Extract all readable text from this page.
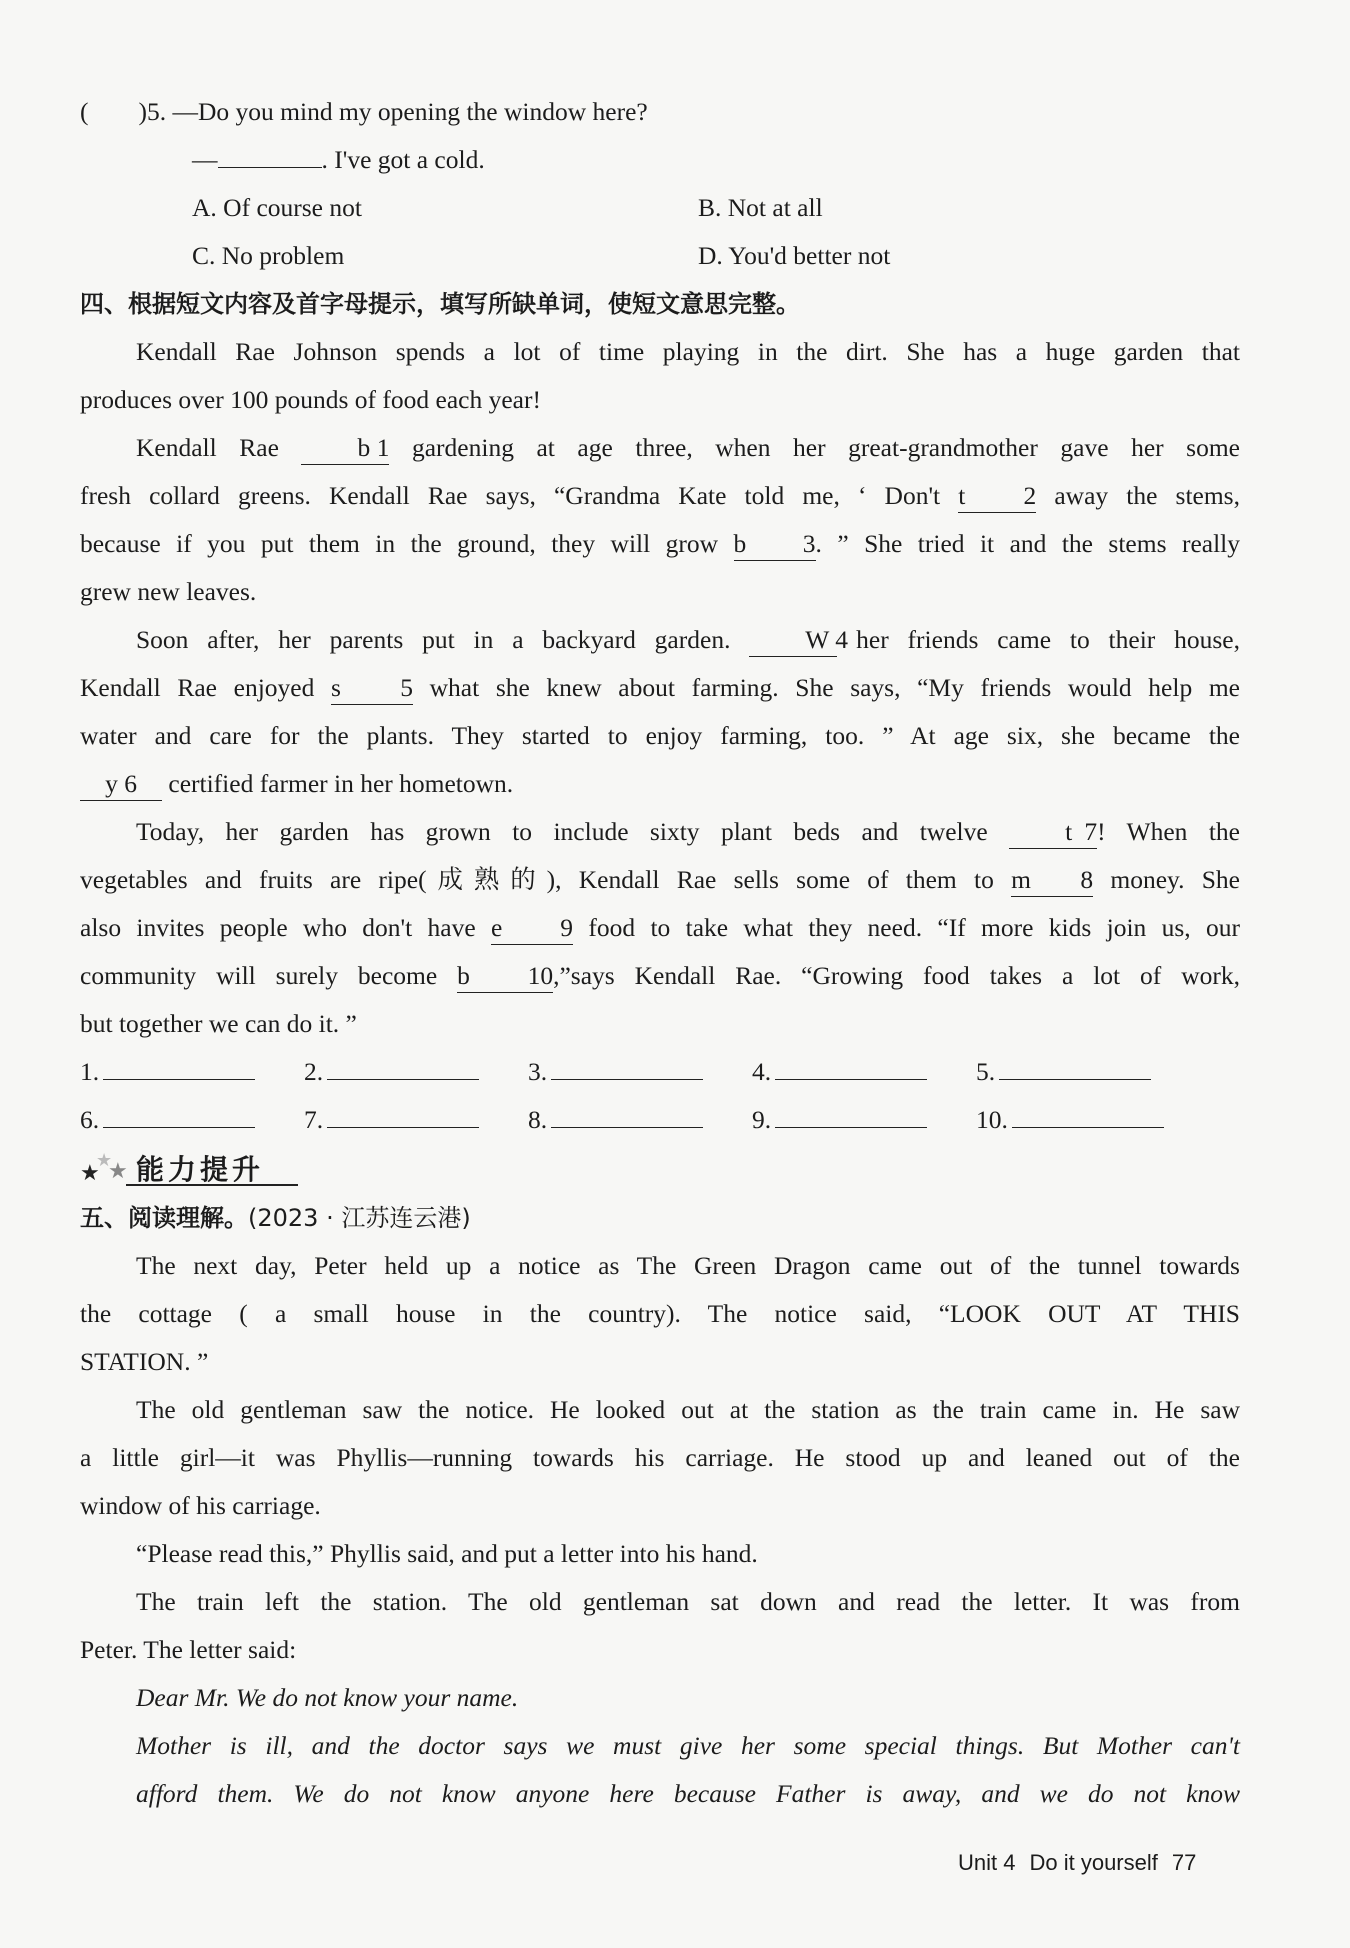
( )5. —Do you mind my opening the window here?
—	. I've got a cold.
A. Of course not	B. Not at all
C. No problem	D. You'd better not
四、根据短文内容及首字母提示，填写所缺单词，使短文意思完整。
Kendall Rae Johnson spends a lot of time playing in the dirt. She has a huge garden that
produces over 100 pounds of food each year!
Kendall Rae b 1 gardening at age three, when her great-grandmother gave her some
fresh collard greens. Kendall Rae says, “Grandma Kate told me, ‘ Don't t 2 away the stems,
because if you put them in the ground, they will grow b 3. ” She tried it and the stems really
grew new leaves.
Soon after, her parents put in a backyard garden. W 4 her friends came to their house,
Kendall Rae enjoyed s 5 what she knew about farming. She says, “My friends would help me
water and care for the plants. They started to enjoy farming, too. ” At age six, she became the
y 6 certified farmer in her hometown.
Today, her garden has grown to include sixty plant beds and twelve t 7! When the
vegetables and fruits are ripe(成熟的), Kendall Rae sells some of them to m 8 money. She
also invites people who don't have e 9 food to take what they need. “If more kids join us, our
community will surely become b 10,”says Kendall Rae. “Growing food takes a lot of work,
but together we can do it. ”
1.	2.	3.	4.	5.
6.	7.	8.	9.	10.
★
★
★ 能力提升
五、阅读理解。(2023 · 江苏连云港)
The next day, Peter held up a notice as The Green Dragon came out of the tunnel towards
the cottage ( a small house in the country). The notice said, “LOOK OUT AT THIS
STATION. ”
The old gentleman saw the notice. He looked out at the station as the train came in. He saw
a little girl—it was Phyllis—running towards his carriage. He stood up and leaned out of the
window of his carriage.
“Please read this,” Phyllis said, and put a letter into his hand.
The train left the station. The old gentleman sat down and read the letter. It was from
Peter. The letter said:
Dear Mr. We do not know your name.
Mother is ill, and the doctor says we must give her some special things. But Mother can't
afford them. We do not know anyone here because Father is away, and we do not know
Unit 4 Do it yourself 77
